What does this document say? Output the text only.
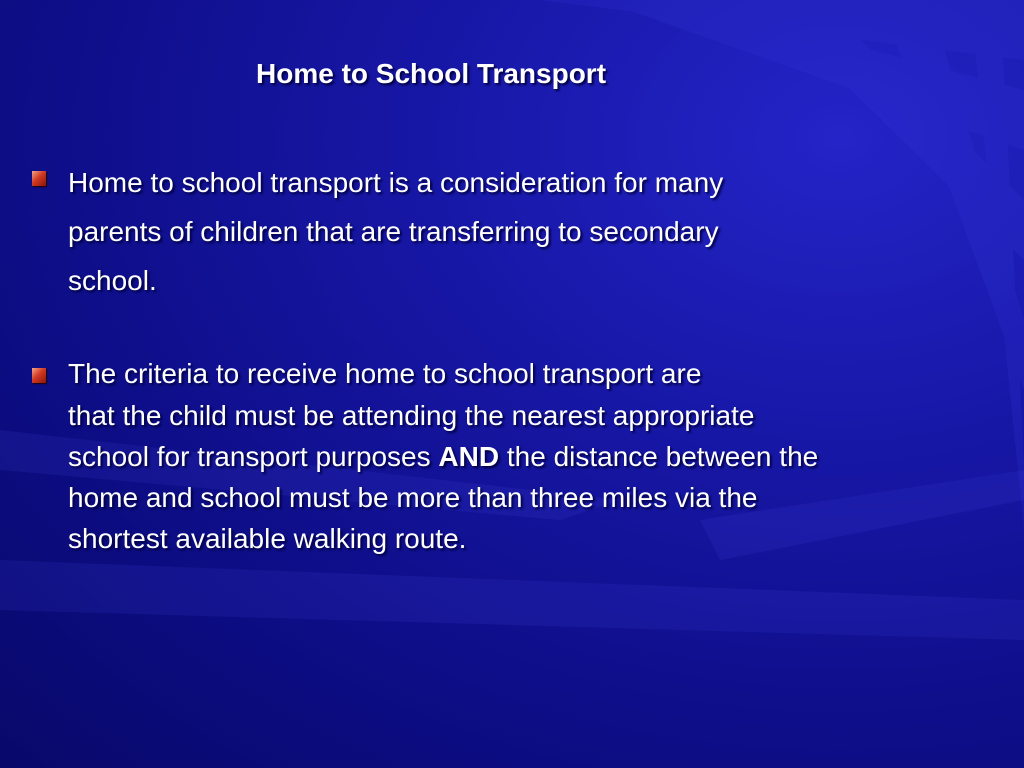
Home to School Transport
Home to school transport is a consideration for many
parents of children that are transferring to secondary
school.
The criteria to receive home to school transport are
that the child must be attending the nearest appropriate
school for transport purposes AND the distance between the
home and school must be more than three miles via the
shortest available walking route.
